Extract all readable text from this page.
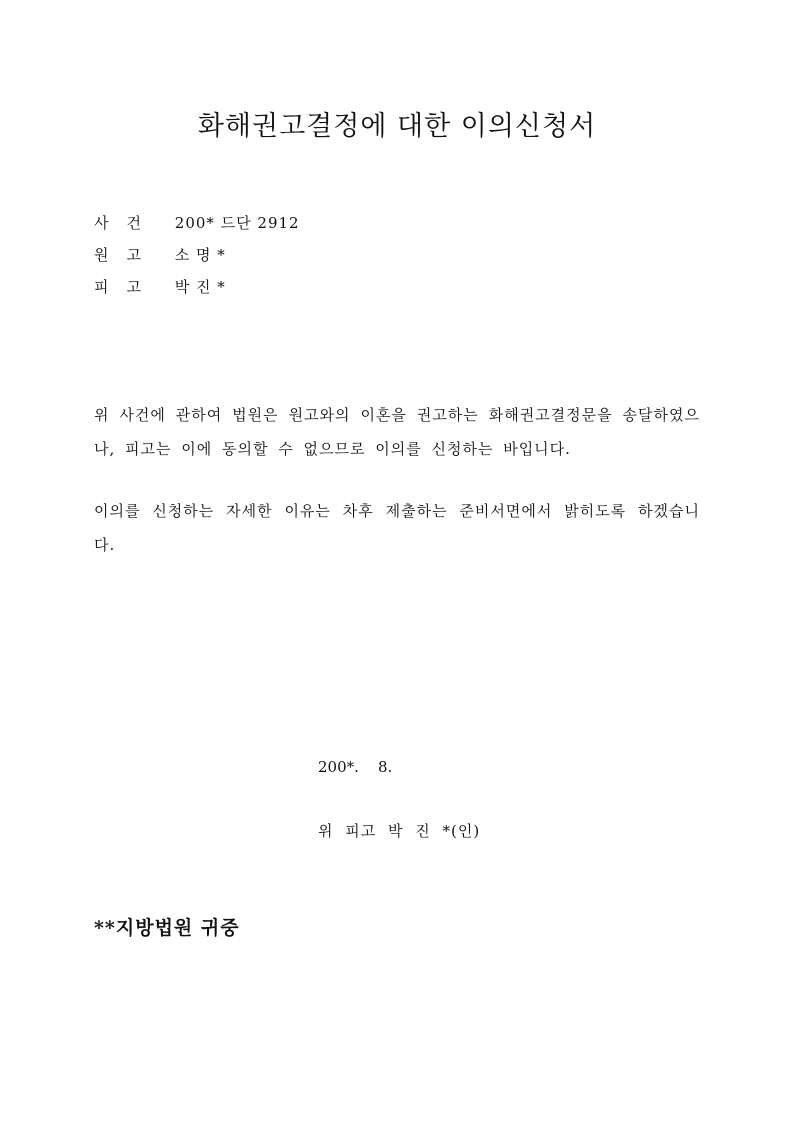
화해권고결정에 대한 이의신청서
사건 200* 드단 2912
원고 소 명 *
피고 박 진 *

위 사건에 관하여 법원은 원고와의 이혼을 권고하는 화해권고결정문을 송달하였으나, 피고는 이에 동의할 수 없으므로 이의를 신청하는 바입니다.

이의를 신청하는 자세한 이유는 차후 제출하는 준비서면에서 밝히도록 하겠습니다.

200*.    8.
위 피고 박 진 *(인)
**지방법원 귀중
